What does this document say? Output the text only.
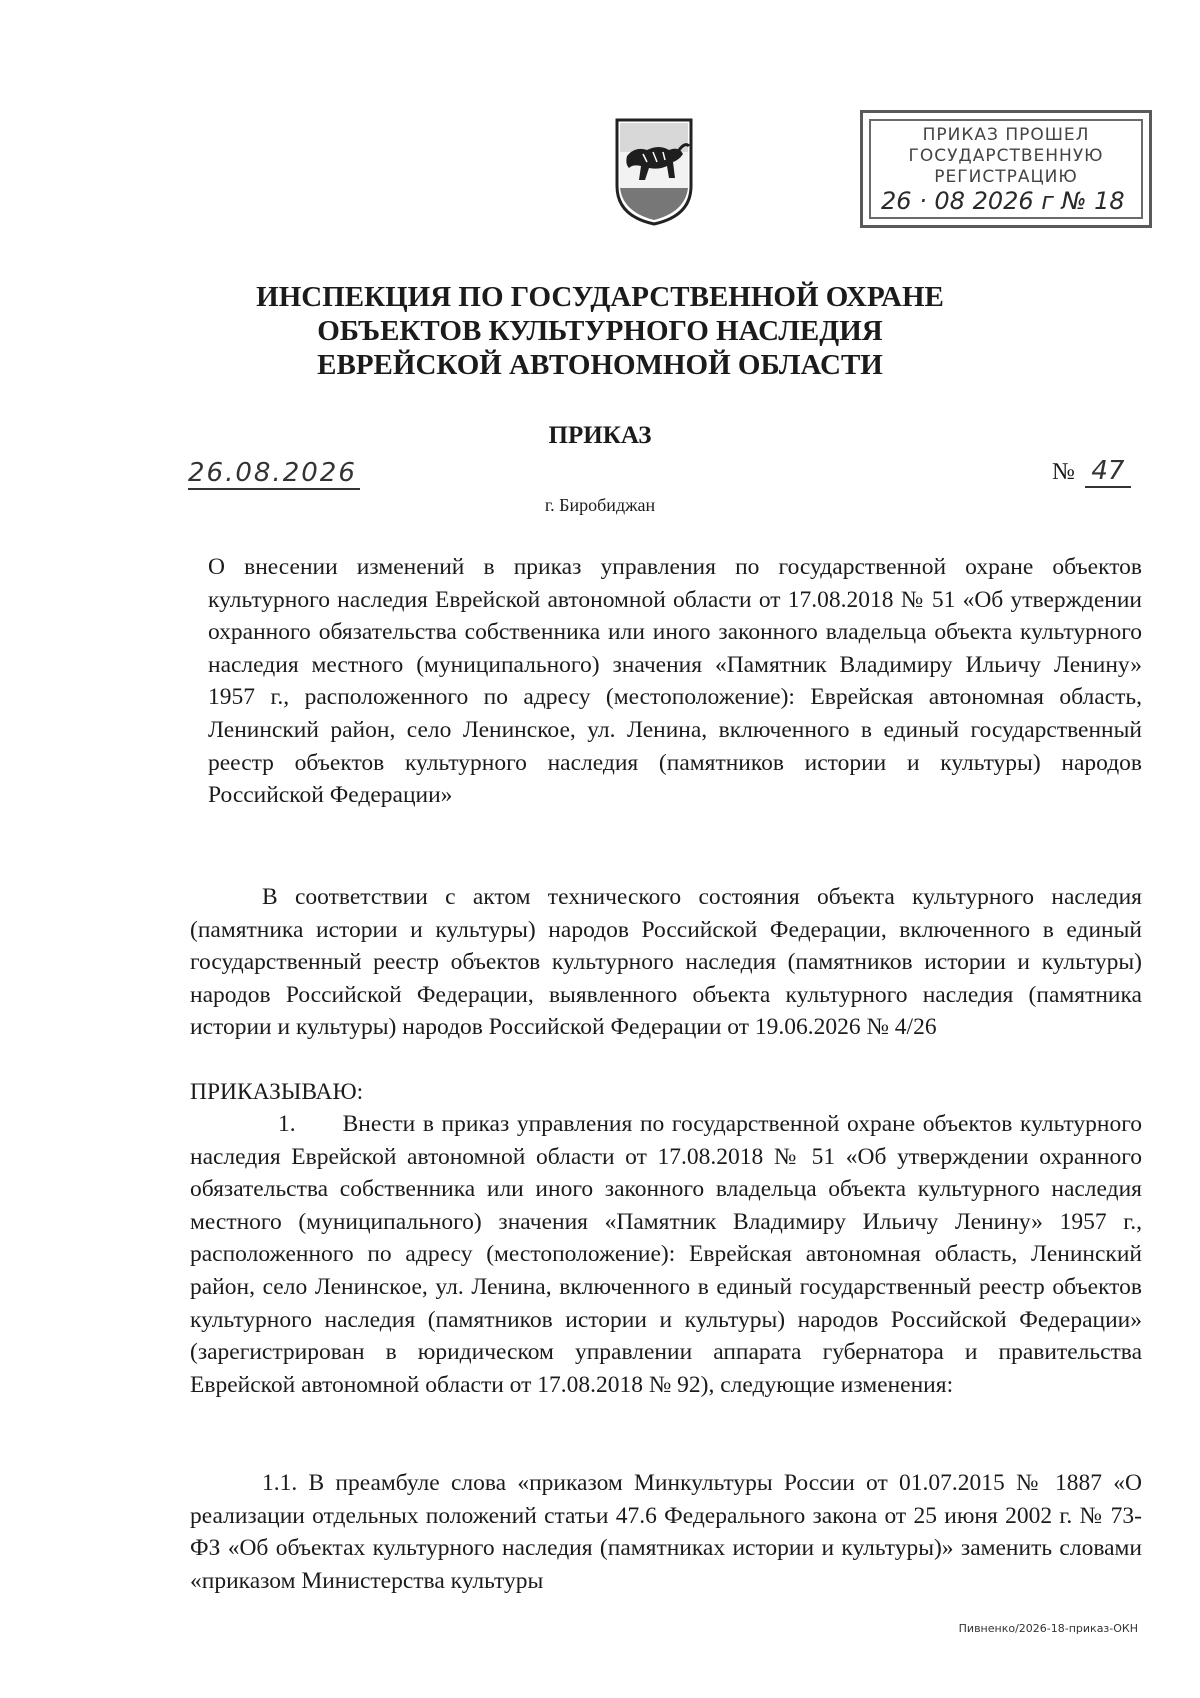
ПРИКАЗ ПРОШЕЛ
ГОСУДАРСТВЕННУЮ
РЕГИСТРАЦИЮ
26 · 08 2026 г № 18
ИНСПЕКЦИЯ ПО ГОСУДАРСТВЕННОЙ ОХРАНЕ
ОБЪЕКТОВ КУЛЬТУРНОГО НАСЛЕДИЯ
ЕВРЕЙСКОЙ АВТОНОМНОЙ ОБЛАСТИ
ПРИКАЗ
26.08.2026	№ 47
г. Биробиджан
О внесении изменений в приказ управления по государственной охране объектов культурного наследия Еврейской автономной области от 17.08.2018 № 51 «Об утверждении охранного обязательства собственника или иного законного владельца объекта культурного наследия местного (муниципального) значения «Памятник Владимиру Ильичу Ленину» 1957 г., расположенного по адресу (местоположение): Еврейская автономная область, Ленинский район, село Ленинское, ул. Ленина, включенного в единый государственный реестр объектов культурного наследия (памятников истории и культуры) народов Российской Федерации»
В соответствии с актом технического состояния объекта культурного наследия (памятника истории и культуры) народов Российской Федерации, включенного в единый государственный реестр объектов культурного наследия (памятников истории и культуры) народов Российской Федерации, выявленного объекта культурного наследия (памятника истории и культуры) народов Российской Федерации от 19.06.2026 № 4/26
ПРИКАЗЫВАЮ:
1.  Внести в приказ управления по государственной охране объектов культурного наследия Еврейской автономной области от 17.08.2018 № 51 «Об утверждении охранного обязательства собственника или иного законного владельца объекта культурного наследия местного (муниципального) значения «Памятник Владимиру Ильичу Ленину» 1957 г., расположенного по адресу (местоположение): Еврейская автономная область, Ленинский район, село Ленинское, ул. Ленина, включенного в единый государственный реестр объектов культурного наследия (памятников истории и культуры) народов Российской Федерации» (зарегистрирован в юридическом управлении аппарата губернатора и правительства Еврейской автономной области от 17.08.2018 № 92), следующие изменения:
1.1. В преамбуле слова «приказом Минкультуры России от 01.07.2015 № 1887 «О реализации отдельных положений статьи 47.6 Федерального закона от 25 июня 2002 г. № 73-ФЗ «Об объектах культурного наследия (памятниках истории и культуры)» заменить словами «приказом Министерства культуры
Пивненко/2026-18-приказ-ОКН
